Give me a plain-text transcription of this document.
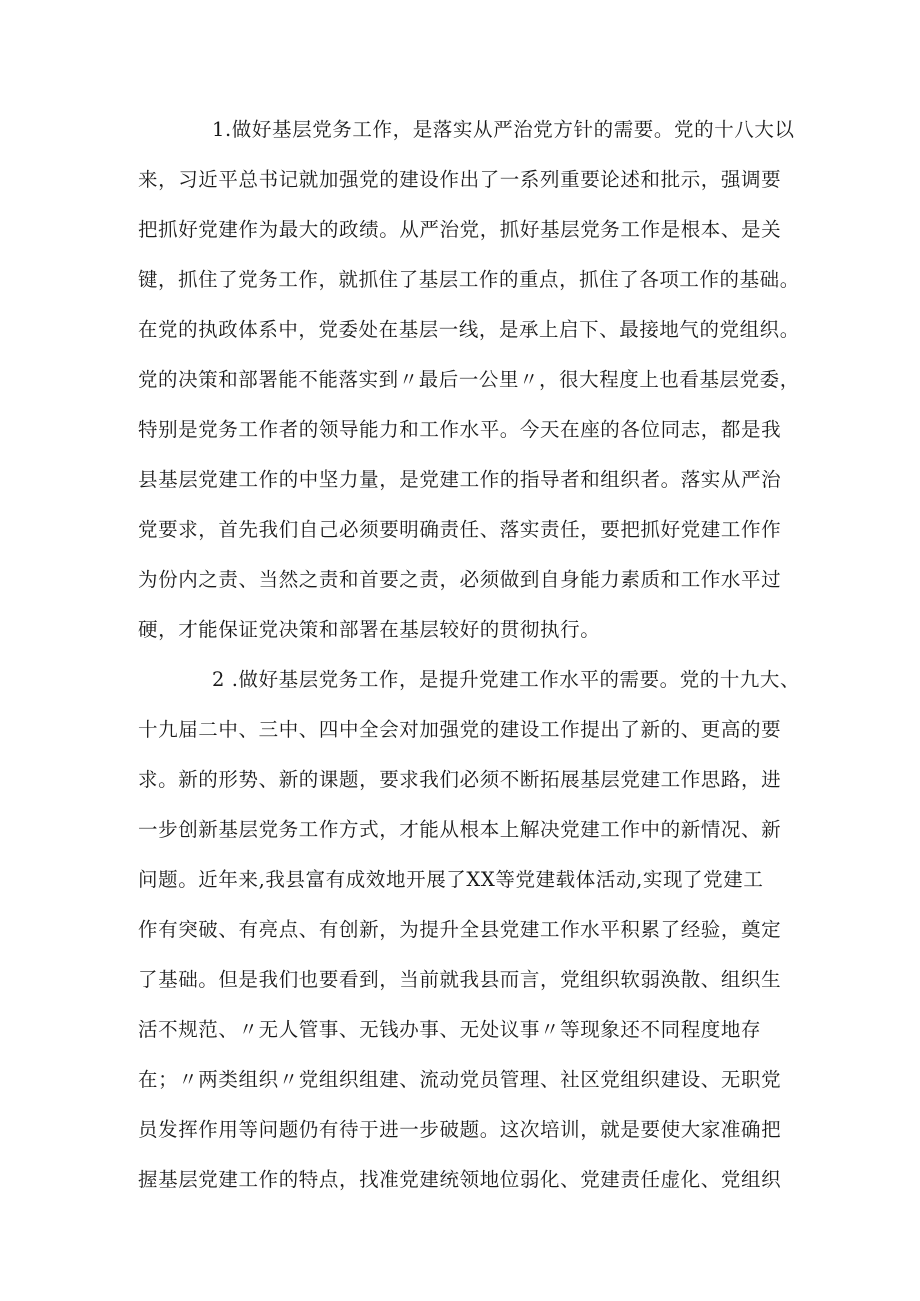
1.做好基层党务工作，是落实从严治党方针的需要。党的十八大以
来，习近平总书记就加强党的建设作出了一系列重要论述和批示，强调要
把抓好党建作为最大的政绩。从严治党，抓好基层党务工作是根本、是关
键，抓住了党务工作，就抓住了基层工作的重点，抓住了各项工作的基础。
在党的执政体系中，党委处在基层一线，是承上启下、最接地气的党组织。
党的决策和部署能不能落实到〃最后一公里〃，很大程度上也看基层党委，
特别是党务工作者的领导能力和工作水平。今天在座的各位同志，都是我
县基层党建工作的中坚力量，是党建工作的指导者和组织者。落实从严治
党要求，首先我们自己必须要明确责任、落实责任，要把抓好党建工作作
为份内之责、当然之责和首要之责，必须做到自身能力素质和工作水平过
硬，才能保证党决策和部署在基层较好的贯彻执行。
2 .做好基层党务工作，是提升党建工作水平的需要。党的十九大、
十九届二中、三中、四中全会对加强党的建设工作提出了新的、更高的要
求。新的形势、新的课题，要求我们必须不断拓展基层党建工作思路，进
一步创新基层党务工作方式，才能从根本上解决党建工作中的新情况、新
问题。近年来,我县富有成效地开展了XX等党建载体活动,实现了党建工
作有突破、有亮点、有创新，为提升全县党建工作水平积累了经验，奠定
了基础。但是我们也要看到，当前就我县而言，党组织软弱涣散、组织生
活不规范、〃无人管事、无钱办事、无处议事〃等现象还不同程度地存
在；〃两类组织〃党组织组建、流动党员管理、社区党组织建设、无职党
员发挥作用等问题仍有待于进一步破题。这次培训，就是要使大家准确把
握基层党建工作的特点，找准党建统领地位弱化、党建责任虚化、党组织
